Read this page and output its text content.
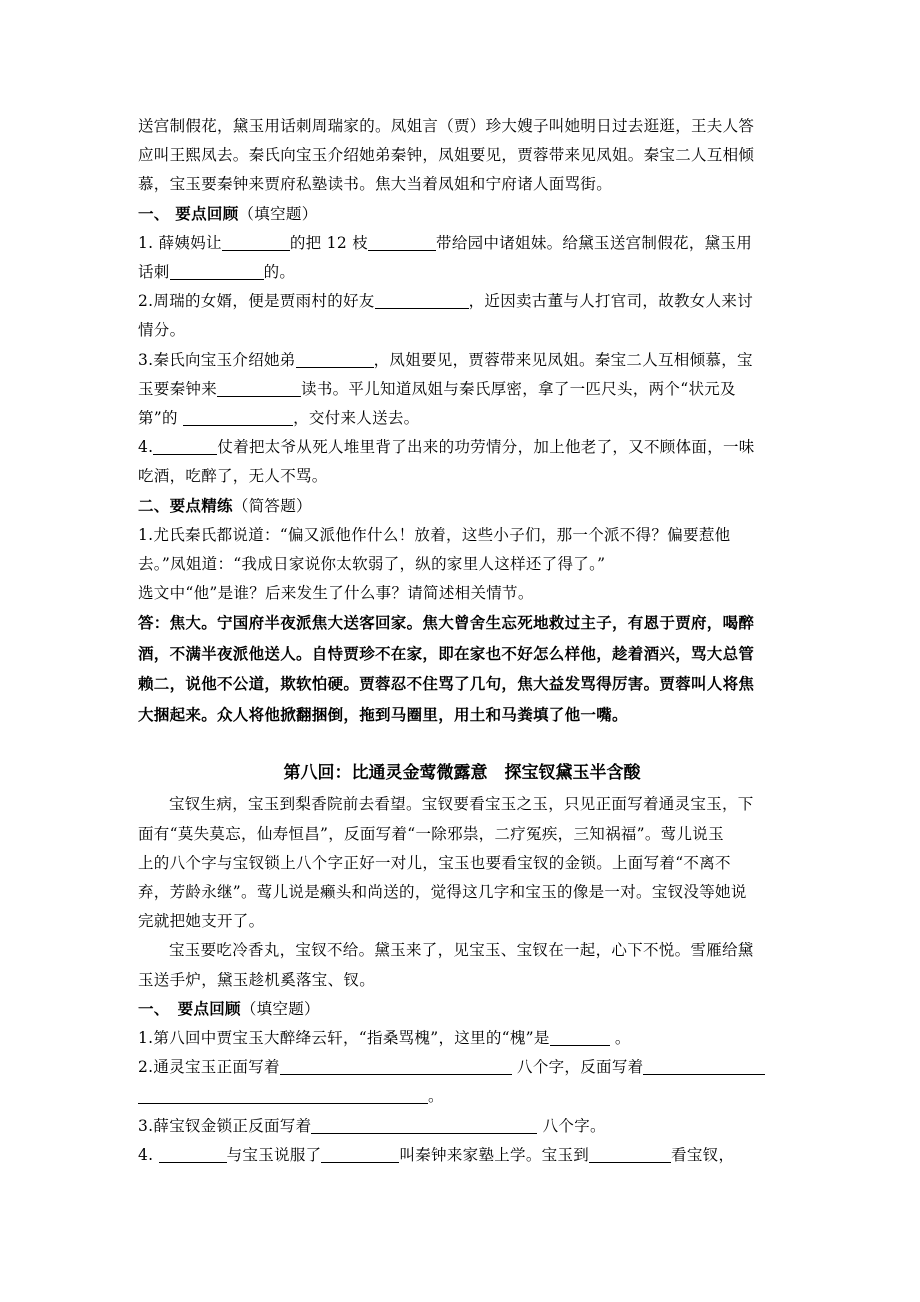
送宫制假花，黛玉用话刺周瑞家的。凤姐言（贾）珍大嫂子叫她明日过去逛逛，王夫人答

应叫王熙凤去。秦氏向宝玉介绍她弟秦钟，凤姐要见，贾蓉带来见凤姐。秦宝二人互相倾

慕，宝玉要秦钟来贾府私塾读书。焦大当着凤姐和宁府诸人面骂街。

一、 要点回顾（填空题）

1. 薛姨妈让	的把 12 枝	带给园中诸姐妹。给黛玉送宫制假花，黛玉用

话刺	的。

2.周瑞的女婿，便是贾雨村的好友	，近因卖古董与人打官司，故教女人来讨

情分。

3.秦氏向宝玉介绍她弟	，凤姐要见，贾蓉带来见凤姐。秦宝二人互相倾慕，宝

玉要秦钟来	读书。平儿知道凤姐与秦氏厚密，拿了一匹尺头，两个“状元及

第”的	，交付来人送去。

4.	仗着把太爷从死人堆里背了出来的功劳情分，加上他老了，又不顾体面，一味

吃酒，吃醉了，无人不骂。

二、要点精练（简答题）

1.尤氏秦氏都说道：“偏又派他作什么！放着，这些小子们，那一个派不得？偏要惹他

去。”凤姐道：“我成日家说你太软弱了，纵的家里人这样还了得了。”

选文中“他”是谁？后来发生了什么事？请简述相关情节。

答：焦大。宁国府半夜派焦大送客回家。焦大曾舍生忘死地救过主子，有恩于贾府，喝醉

酒，不满半夜派他送人。自恃贾珍不在家，即在家也不好怎么样他，趁着酒兴，骂大总管

赖二，说他不公道，欺软怕硬。贾蓉忍不住骂了几句，焦大益发骂得厉害。贾蓉叫人将焦

大捆起来。众人将他掀翻捆倒，拖到马圈里，用土和马粪填了他一嘴。

第八回：比通灵金莺微露意　探宝钗黛玉半含酸

宝钗生病，宝玉到梨香院前去看望。宝钗要看宝玉之玉，只见正面写着通灵宝玉，下

面有“莫失莫忘，仙寿恒昌”，反面写着“一除邪祟，二疗冤疾，三知祸福”。莺儿说玉

上的八个字与宝钗锁上八个字正好一对儿，宝玉也要看宝钗的金锁。上面写着“不离不

弃，芳龄永继”。莺儿说是癞头和尚送的，觉得这几字和宝玉的像是一对。宝钗没等她说

完就把她支开了。

宝玉要吃冷香丸，宝钗不给。黛玉来了，见宝玉、宝钗在一起，心下不悦。雪雁给黛

玉送手炉，黛玉趁机奚落宝、钗。

一、　要点回顾（填空题）

1.第八回中贾宝玉大醉绛云轩，“指桑骂槐”，这里的“槐”是	。

2.通灵宝玉正面写着	八个字，反面写着

。

3.薛宝钗金锁正反面写着	八个字。

4.	与宝玉说服了	叫秦钟来家塾上学。宝玉到	看宝钗，
